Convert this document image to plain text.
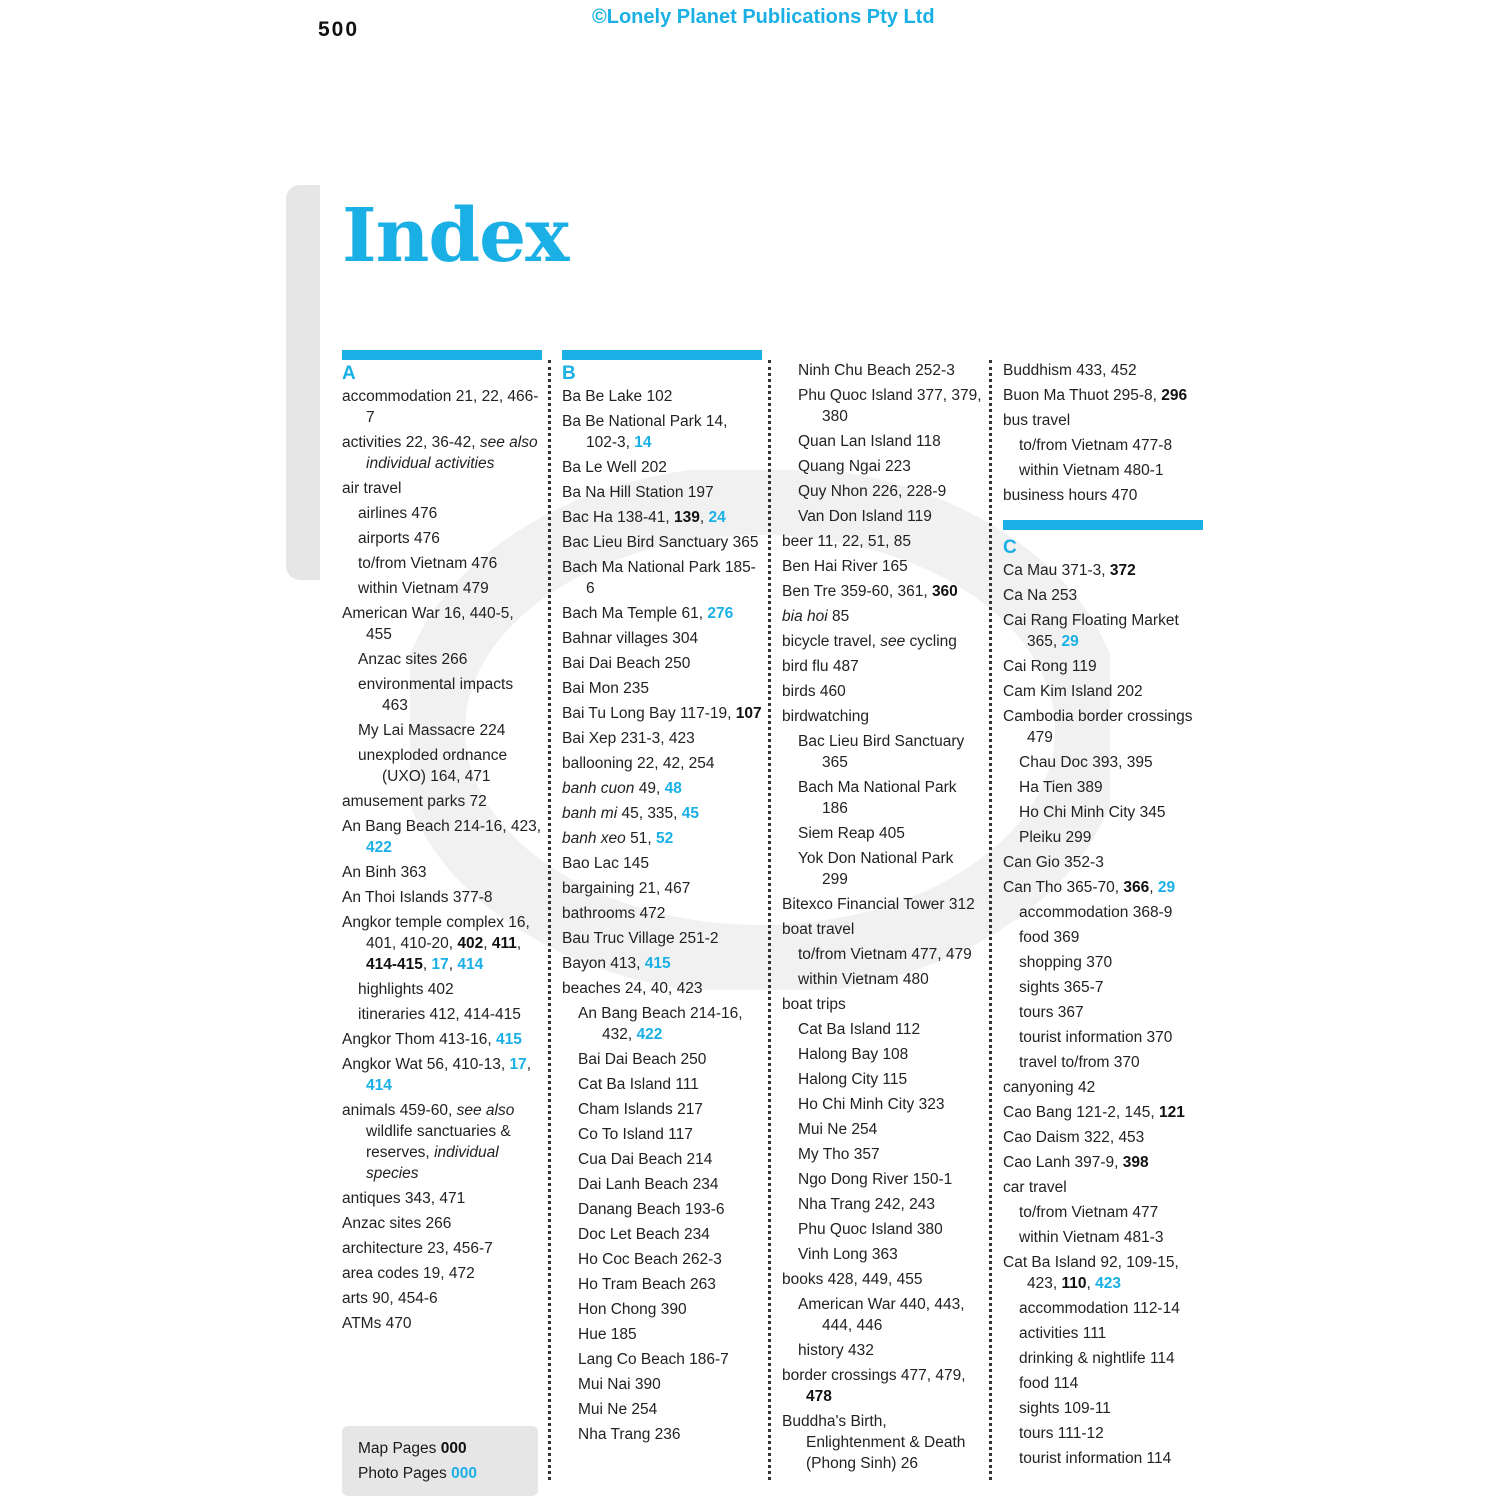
500
©Lonely Planet Publications Pty Ltd
Index
A
accommodation 21, 22, 466-7
activities 22, 36-42, see also individual activities
air travel
airlines 476
airports 476
to/from Vietnam 476
within Vietnam 479
American War 16, 440-5, 455
Anzac sites 266
environmental impacts 463
My Lai Massacre 224
unexploded ordnance (UXO) 164, 471
amusement parks 72
An Bang Beach 214-16, 423, 422
An Binh 363
An Thoi Islands 377-8
Angkor temple complex 16, 401, 410-20, 402, 411, 414-415, 17, 414
highlights 402
itineraries 412, 414-415
Angkor Thom 413-16, 415
Angkor Wat 56, 410-13, 17, 414
animals 459-60, see also wildlife sanctuaries & reserves, individual species
antiques 343, 471
Anzac sites 266
architecture 23, 456-7
area codes 19, 472
arts 90, 454-6
ATMs 470
B
Ba Be Lake 102
Ba Be National Park 14, 102-3, 14
Ba Le Well 202
Ba Na Hill Station 197
Bac Ha 138-41, 139, 24
Bac Lieu Bird Sanctuary 365
Bach Ma National Park 185-6
Bach Ma Temple 61, 276
Bahnar villages 304
Bai Dai Beach 250
Bai Mon 235
Bai Tu Long Bay 117-19, 107
Bai Xep 231-3, 423
ballooning 22, 42, 254
banh cuon 49, 48
banh mi 45, 335, 45
banh xeo 51, 52
Bao Lac 145
bargaining 21, 467
bathrooms 472
Bau Truc Village 251-2
Bayon 413, 415
beaches 24, 40, 423
An Bang Beach 214-16, 432, 422
Bai Dai Beach 250
Cat Ba Island 111
Cham Islands 217
Co To Island 117
Cua Dai Beach 214
Dai Lanh Beach 234
Danang Beach 193-6
Doc Let Beach 234
Ho Coc Beach 262-3
Ho Tram Beach 263
Hon Chong 390
Hue 185
Lang Co Beach 186-7
Mui Nai 390
Mui Ne 254
Nha Trang 236
Ninh Chu Beach 252-3
Phu Quoc Island 377, 379, 380
Quan Lan Island 118
Quang Ngai 223
Quy Nhon 226, 228-9
Van Don Island 119
beer 11, 22, 51, 85
Ben Hai River 165
Ben Tre 359-60, 361, 360
bia hoi 85
bicycle travel, see cycling
bird flu 487
birds 460
birdwatching
Bac Lieu Bird Sanctuary 365
Bach Ma National Park 186
Siem Reap 405
Yok Don National Park 299
Bitexco Financial Tower 312
boat travel
to/from Vietnam 477, 479
within Vietnam 480
boat trips
Cat Ba Island 112
Halong Bay 108
Halong City 115
Ho Chi Minh City 323
Mui Ne 254
My Tho 357
Ngo Dong River 150-1
Nha Trang 242, 243
Phu Quoc Island 380
Vinh Long 363
books 428, 449, 455
American War 440, 443, 444, 446
history 432
border crossings 477, 479, 478
Buddha's Birth, Enlightenment & Death (Phong Sinh) 26
Buddhism 433, 452
Buon Ma Thuot 295-8, 296
bus travel
to/from Vietnam 477-8
within Vietnam 480-1
business hours 470
C
Ca Mau 371-3, 372
Ca Na 253
Cai Rang Floating Market 365, 29
Cai Rong 119
Cam Kim Island 202
Cambodia border crossings 479
Chau Doc 393, 395
Ha Tien 389
Ho Chi Minh City 345
Pleiku 299
Can Gio 352-3
Can Tho 365-70, 366, 29
accommodation 368-9
food 369
shopping 370
sights 365-7
tours 367
tourist information 370
travel to/from 370
canyoning 42
Cao Bang 121-2, 145, 121
Cao Daism 322, 453
Cao Lanh 397-9, 398
car travel
to/from Vietnam 477
within Vietnam 481-3
Cat Ba Island 92, 109-15, 423, 110, 423
accommodation 112-14
activities 111
drinking & nightlife 114
food 114
sights 109-11
tours 111-12
tourist information 114
Map Pages 000
Photo Pages 000
